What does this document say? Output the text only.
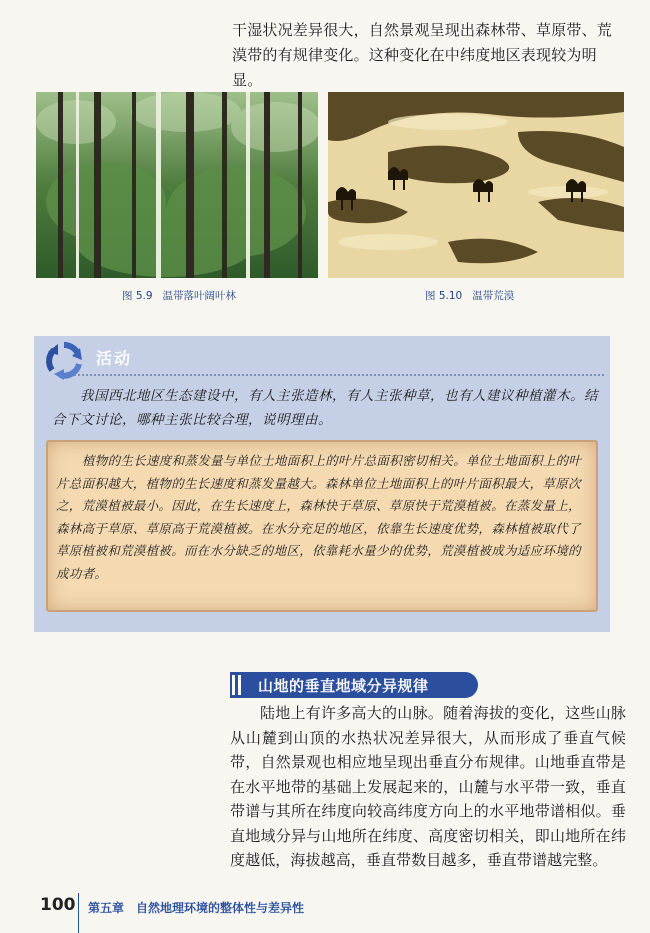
干湿状况差异很大，自然景观呈现出森林带、草原带、荒漠带的有规律变化。这种变化在中纬度地区表现较为明显。

图 5.9 温带落叶阔叶林	图 5.10 温带荒漠
活动

我国西北地区生态建设中，有人主张造林，有人主张种草，也有人建议种植灌木。结合下文讨论，哪种主张比较合理，说明理由。

植物的生长速度和蒸发量与单位土地面积上的叶片总面积密切相关。单位土地面积上的叶片总面积越大，植物的生长速度和蒸发量越大。森林单位土地面积上的叶片面积最大，草原次之，荒漠植被最小。因此，在生长速度上，森林快于草原、草原快于荒漠植被。在蒸发量上，森林高于草原、草原高于荒漠植被。在水分充足的地区，依靠生长速度优势，森林植被取代了草原植被和荒漠植被。而在水分缺乏的地区，依靠耗水量少的优势，荒漠植被成为适应环境的成功者。

山地的垂直地域分异规律

陆地上有许多高大的山脉。随着海拔的变化，这些山脉从山麓到山顶的水热状况差异很大，从而形成了垂直气候带，自然景观也相应地呈现出垂直分布规律。山地垂直带是在水平地带的基础上发展起来的，山麓与水平带一致，垂直带谱与其所在纬度向较高纬度方向上的水平地带谱相似。垂直地域分异与山地所在纬度、高度密切相关，即山地所在纬度越低，海拔越高，垂直带数目越多，垂直带谱越完整。

100 第五章　自然地理环境的整体性与差异性
